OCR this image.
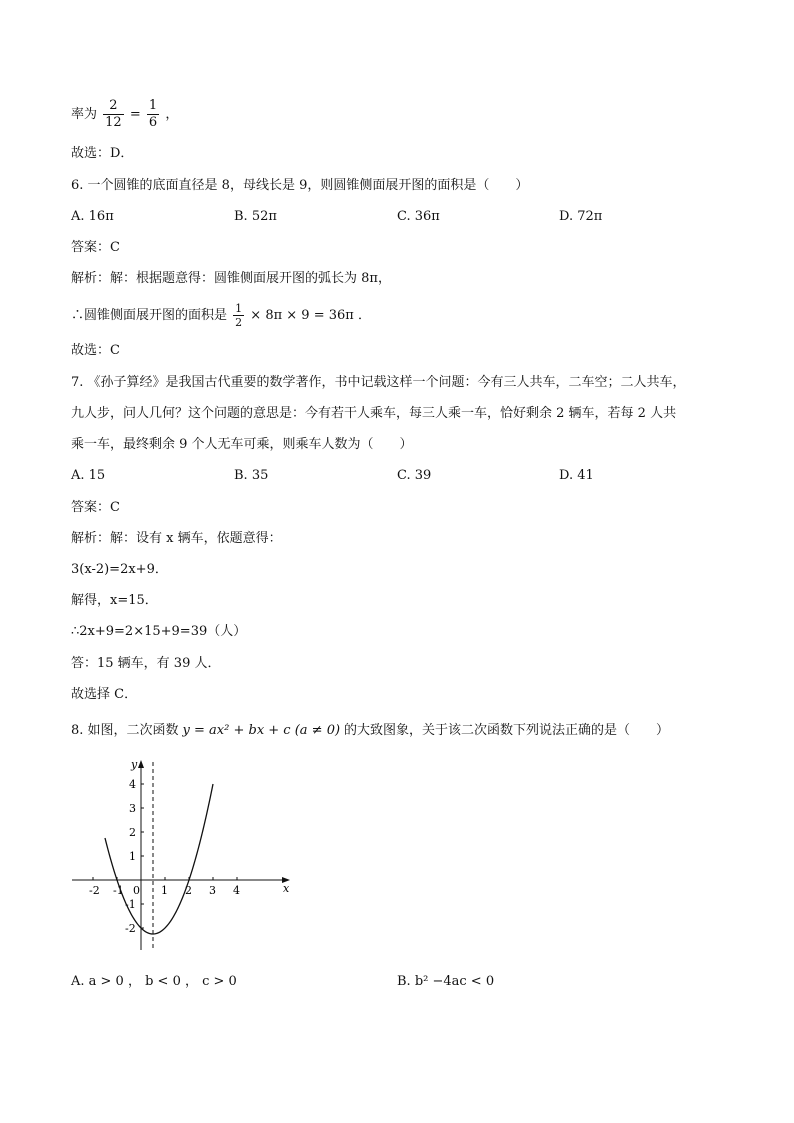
率为 $\frac{2}{12} = \frac{1}{6}$ ，
故选：D．
6. 一个圆锥的底面直径是 8，母线长是 9，则圆锥侧面展开图的面积是（　　）
A. 16π	B. 52π	C. 36π	D. 72π
答案：C
解析：解：根据题意得：圆锥侧面展开图的弧长为 8π，
∴圆锥侧面展开图的面积是 $\frac{1}{2} \times 8\pi \times 9 = 36\pi$ ．
故选：C
7. 《孙子算经》是我国古代重要的数学著作，书中记载这样一个问题：今有三人共车，二车空；二人共车，
九人步，问人几何？这个问题的意思是：今有若干人乘车，每三人乘一车，恰好剩余 2 辆车，若每 2 人共
乘一车，最终剩余 9 个人无车可乘，则乘车人数为（　　）
A. 15	B. 35	C. 39	D. 41
答案：C
解析：解：设有 x 辆车，依题意得：
3(x-2)=2x+9．
解得，x=15．
∴2x+9=2×15+9=39（人）
答：15 辆车，有 39 人．
故选择 C．
8. 如图，二次函数 y = ax² + bx + c (a ≠ 0) 的大致图象，关于该二次函数下列说法正确的是（　　）
x
y
-2 -1 0 1 2 3 4
4
3
2
1
-1
-2
A. a > 0 ， b < 0 ， c > 0	B. b² −4ac < 0
